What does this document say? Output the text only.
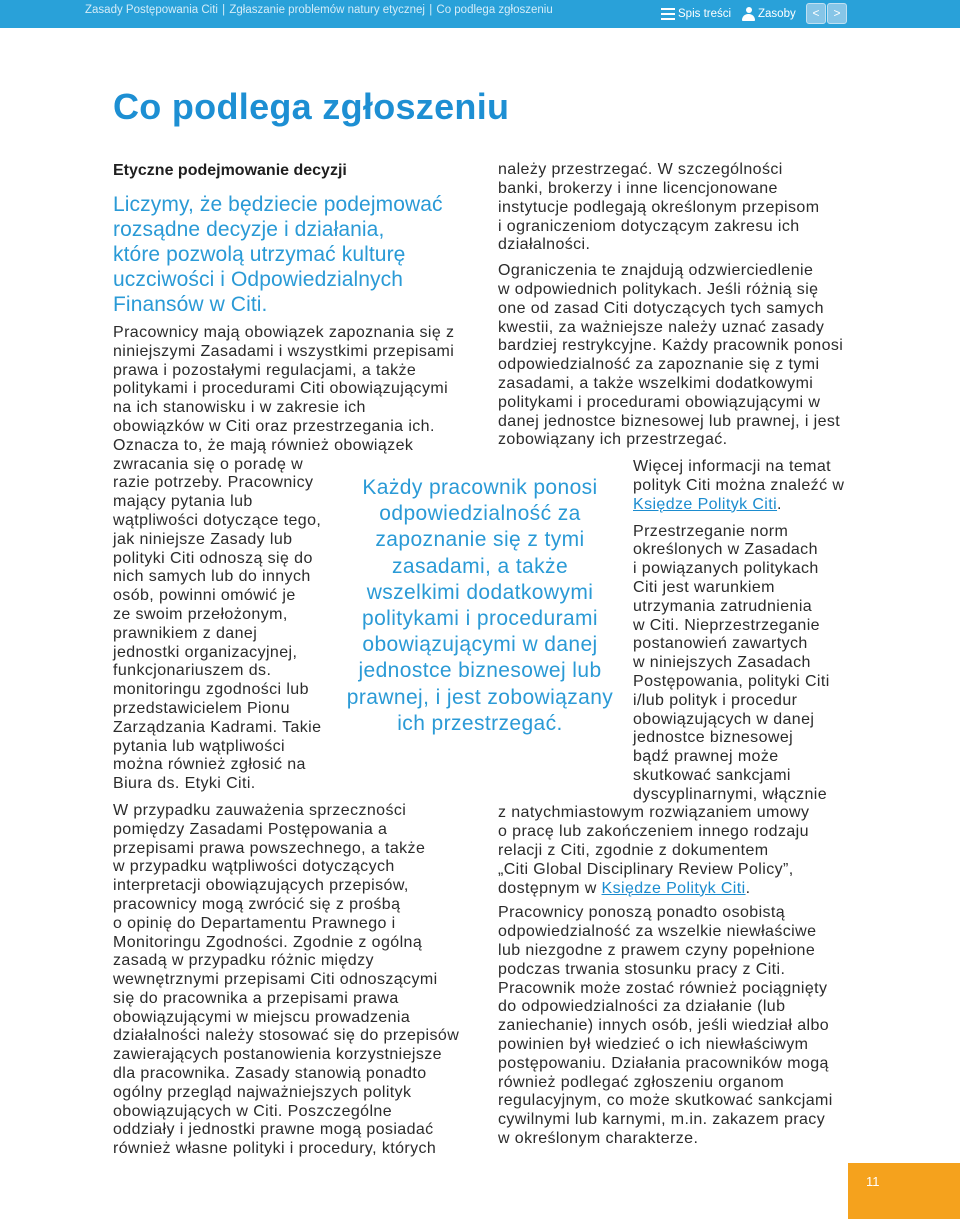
Zasady Postępowania Citi | Zgłaszanie problemów natury etycznej | Co podlega zgłoszeniu	Spis treści Zasoby	<	>
Co podlega zgłoszeniu
Etyczne podejmowanie decyzji
Liczymy, że będziecie podejmować
rozsądne decyzje i działania,
które pozwolą utrzymać kulturę
uczciwości i Odpowiedzialnych
Finansów w Citi.

Pracownicy mają obowiązek zapoznania się z
niniejszymi Zasadami i wszystkimi przepisami
prawa i pozostałymi regulacjami, a także
politykami i procedurami Citi obowiązującymi
na ich stanowisku i w zakresie ich
obowiązków w Citi oraz przestrzegania ich.

Oznacza to, że mają również obowiązek
zwracania się o poradę w
razie potrzeby. Pracownicy
mający pytania lub
wątpliwości dotyczące tego,
jak niniejsze Zasady lub
polityki Citi odnoszą się do
nich samych lub do innych
osób, powinni omówić je
ze swoim przełożonym,
prawnikiem z danej
jednostki organizacyjnej,
funkcjonariuszem ds.
monitoringu zgodności lub
przedstawicielem Pionu
Zarządzania Kadrami. Takie
pytania lub wątpliwości
można również zgłosić na
Biura ds. Etyki Citi.

W przypadku zauważenia sprzeczności
pomiędzy Zasadami Postępowania a
przepisami prawa powszechnego, a także
w przypadku wątpliwości dotyczących
interpretacji obowiązujących przepisów,
pracownicy mogą zwrócić się z prośbą
o opinię do Departamentu Prawnego i
Monitoringu Zgodności. Zgodnie z ogólną
zasadą w przypadku różnic między
wewnętrznymi przepisami Citi odnoszącymi
się do pracownika a przepisami prawa
obowiązującymi w miejscu prowadzenia
działalności należy stosować się do przepisów
zawierających postanowienia korzystniejsze
dla pracownika. Zasady stanowią ponadto
ogólny przegląd najważniejszych polityk
obowiązujących w Citi. Poszczególne
oddziały i jednostki prawne mogą posiadać
również własne polityki i procedury, których

Każdy pracownik ponosi
odpowiedzialność za
zapoznanie się z tymi
zasadami, a także
wszelkimi dodatkowymi
politykami i procedurami
obowiązującymi w danej
jednostce biznesowej lub
prawnej, i jest zobowiązany
ich przestrzegać.

należy przestrzegać. W szczególności
banki, brokerzy i inne licencjonowane
instytucje podlegają określonym przepisom
i ograniczeniom dotyczącym zakresu ich
działalności.

Ograniczenia te znajdują odzwierciedlenie
w odpowiednich politykach. Jeśli różnią się
one od zasad Citi dotyczących tych samych
kwestii, za ważniejsze należy uznać zasady
bardziej restrykcyjne. Każdy pracownik ponosi
odpowiedzialność za zapoznanie się z tymi
zasadami, a także wszelkimi dodatkowymi
politykami i procedurami obowiązującymi w
danej jednostce biznesowej lub prawnej, i jest
zobowiązany ich przestrzegać.

Więcej informacji na temat
polityk Citi można znaleźć w
Księdze Polityk Citi.

Przestrzeganie norm
określonych w Zasadach
i powiązanych politykach
Citi jest warunkiem
utrzymania zatrudnienia
w Citi. Nieprzestrzeganie
postanowień zawartych
w niniejszych Zasadach
Postępowania, polityki Citi
i/lub polityk i procedur
obowiązujących w danej
jednostce biznesowej
bądź prawnej może
skutkować sankcjami
dyscyplinarnymi, włącznie
z natychmiastowym rozwiązaniem umowy
o pracę lub zakończeniem innego rodzaju
relacji z Citi, zgodnie z dokumentem
„Citi Global Disciplinary Review Policy”,
dostępnym w Księdze Polityk Citi.

Pracownicy ponoszą ponadto osobistą
odpowiedzialność za wszelkie niewłaściwe
lub niezgodne z prawem czyny popełnione
podczas trwania stosunku pracy z Citi.
Pracownik może zostać również pociągnięty
do odpowiedzialności za działanie (lub
zaniechanie) innych osób, jeśli wiedział albo
powinien był wiedzieć o ich niewłaściwym
postępowaniu. Działania pracowników mogą
również podlegać zgłoszeniu organom
regulacyjnym, co może skutkować sankcjami
cywilnymi lub karnymi, m.in. zakazem pracy
w określonym charakterze.

11
